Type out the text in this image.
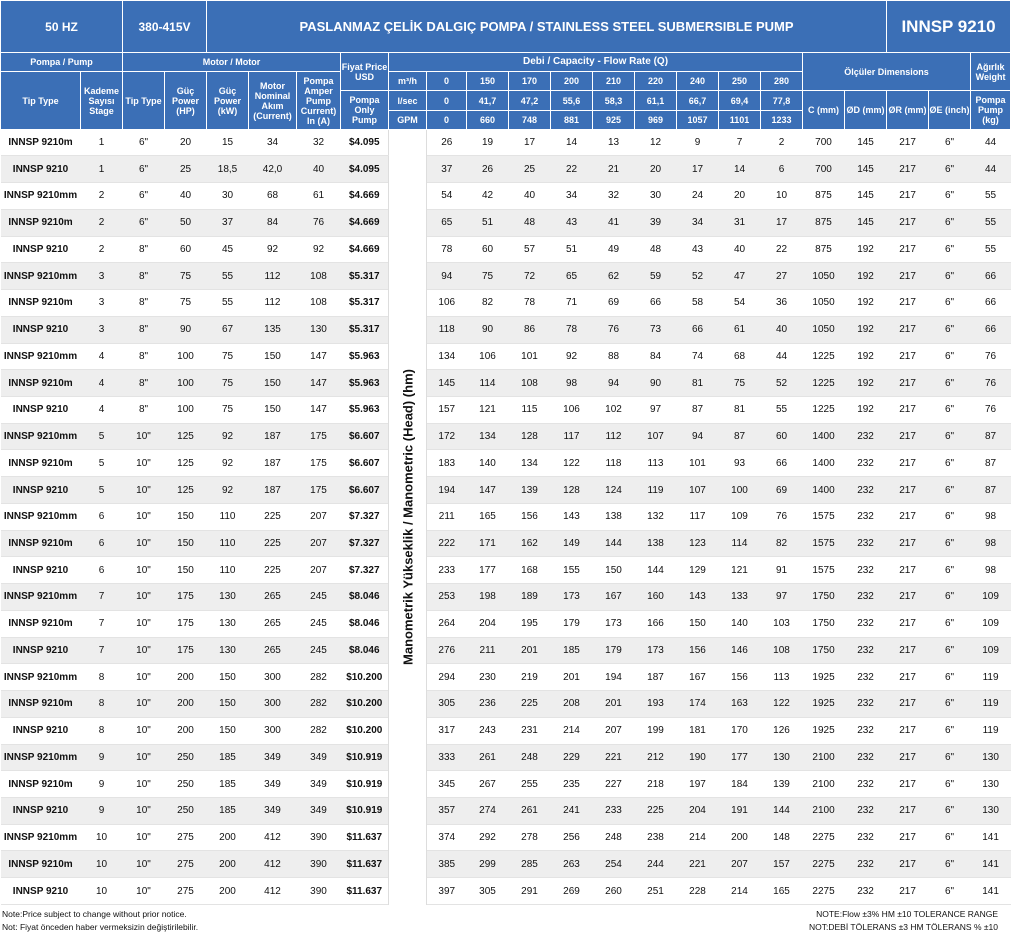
50 HZ		380-415V		PASLANMAZ ÇELİK DALGIÇ POMPA / STAINLESS STEEL SUBMERSIBLE PUMP																INNSP 9210		
Pompa / Pump		Motor / Motor					Fiyat Price USD	Debi / Capacity - Flow Rate (Q)										Ölçüler Dimensions				Ağırlık Weight
Tip Type	Kademe Sayısı Stage	Tip Type	Güç Power (HP)	Güç Power (kW)	Motor Nominal Akım (Current)	Pompa Amper Pump Current) In (A)		m³/h	0	150	170	200	210	220	240	250	280					
							Pompa Only Pump	l/sec	0	41,7	47,2	55,6	58,3	61,1	66,7	69,4	77,8	C (mm)	ØD (mm)	ØR (mm)	ØE (inch)	Pompa Pump (kg)
								GPM	0	660	748	881	925	969	1057	1101	1233					
INNSP 9210m	1	6"	20	15	34	32	$4.095	Manometrik Yükseklik / Manometric (Head) (hm)	26	19	17	14	13	12	9	7	2	700	145	217	6"	44
INNSP 9210	1	6"	25	18,5	42,0	40	$4.095		37	26	25	22	21	20	17	14	6	700	145	217	6"	44
INNSP 9210mm	2	6"	40	30	68	61	$4.669		54	42	40	34	32	30	24	20	10	875	145	217	6"	55
INNSP 9210m	2	6"	50	37	84	76	$4.669		65	51	48	43	41	39	34	31	17	875	145	217	6"	55
INNSP 9210	2	8"	60	45	92	92	$4.669		78	60	57	51	49	48	43	40	22	875	192	217	6"	55
INNSP 9210mm	3	8"	75	55	112	108	$5.317		94	75	72	65	62	59	52	47	27	1050	192	217	6"	66
INNSP 9210m	3	8"	75	55	112	108	$5.317		106	82	78	71	69	66	58	54	36	1050	192	217	6"	66
INNSP 9210	3	8"	90	67	135	130	$5.317		118	90	86	78	76	73	66	61	40	1050	192	217	6"	66
INNSP 9210mm	4	8"	100	75	150	147	$5.963		134	106	101	92	88	84	74	68	44	1225	192	217	6"	76
INNSP 9210m	4	8"	100	75	150	147	$5.963		145	114	108	98	94	90	81	75	52	1225	192	217	6"	76
INNSP 9210	4	8"	100	75	150	147	$5.963		157	121	115	106	102	97	87	81	55	1225	192	217	6"	76
INNSP 9210mm	5	10"	125	92	187	175	$6.607		172	134	128	117	112	107	94	87	60	1400	232	217	6"	87
INNSP 9210m	5	10"	125	92	187	175	$6.607		183	140	134	122	118	113	101	93	66	1400	232	217	6"	87
INNSP 9210	5	10"	125	92	187	175	$6.607		194	147	139	128	124	119	107	100	69	1400	232	217	6"	87
INNSP 9210mm	6	10"	150	110	225	207	$7.327		211	165	156	143	138	132	117	109	76	1575	232	217	6"	98
INNSP 9210m	6	10"	150	110	225	207	$7.327		222	171	162	149	144	138	123	114	82	1575	232	217	6"	98
INNSP 9210	6	10"	150	110	225	207	$7.327		233	177	168	155	150	144	129	121	91	1575	232	217	6"	98
INNSP 9210mm	7	10"	175	130	265	245	$8.046		253	198	189	173	167	160	143	133	97	1750	232	217	6"	109
INNSP 9210m	7	10"	175	130	265	245	$8.046		264	204	195	179	173	166	150	140	103	1750	232	217	6"	109
INNSP 9210	7	10"	175	130	265	245	$8.046		276	211	201	185	179	173	156	146	108	1750	232	217	6"	109
INNSP 9210mm	8	10"	200	150	300	282	$10.200		294	230	219	201	194	187	167	156	113	1925	232	217	6"	119
INNSP 9210m	8	10"	200	150	300	282	$10.200		305	236	225	208	201	193	174	163	122	1925	232	217	6"	119
INNSP 9210	8	10"	200	150	300	282	$10.200		317	243	231	214	207	199	181	170	126	1925	232	217	6"	119
INNSP 9210mm	9	10"	250	185	349	349	$10.919		333	261	248	229	221	212	190	177	130	2100	232	217	6"	130
INNSP 9210m	9	10"	250	185	349	349	$10.919		345	267	255	235	227	218	197	184	139	2100	232	217	6"	130
INNSP 9210	9	10"	250	185	349	349	$10.919		357	274	261	241	233	225	204	191	144	2100	232	217	6"	130
INNSP 9210mm	10	10"	275	200	412	390	$11.637		374	292	278	256	248	238	214	200	148	2275	232	217	6"	141
INNSP 9210m	10	10"	275	200	412	390	$11.637		385	299	285	263	254	244	221	207	157	2275	232	217	6"	141
INNSP 9210	10	10"	275	200	412	390	$11.637		397	305	291	269	260	251	228	214	165	2275	232	217	6"	141
Note:Price subject to change without prior notice.
Not: Fiyat önceden haber vermeksizin değiştirilebilir.
NOTE:Flow ±3% HM ±10 TOLERANCE RANGE
NOT:DEBİ TÖLERANS ±3 HM TÖLERANS % ±10
